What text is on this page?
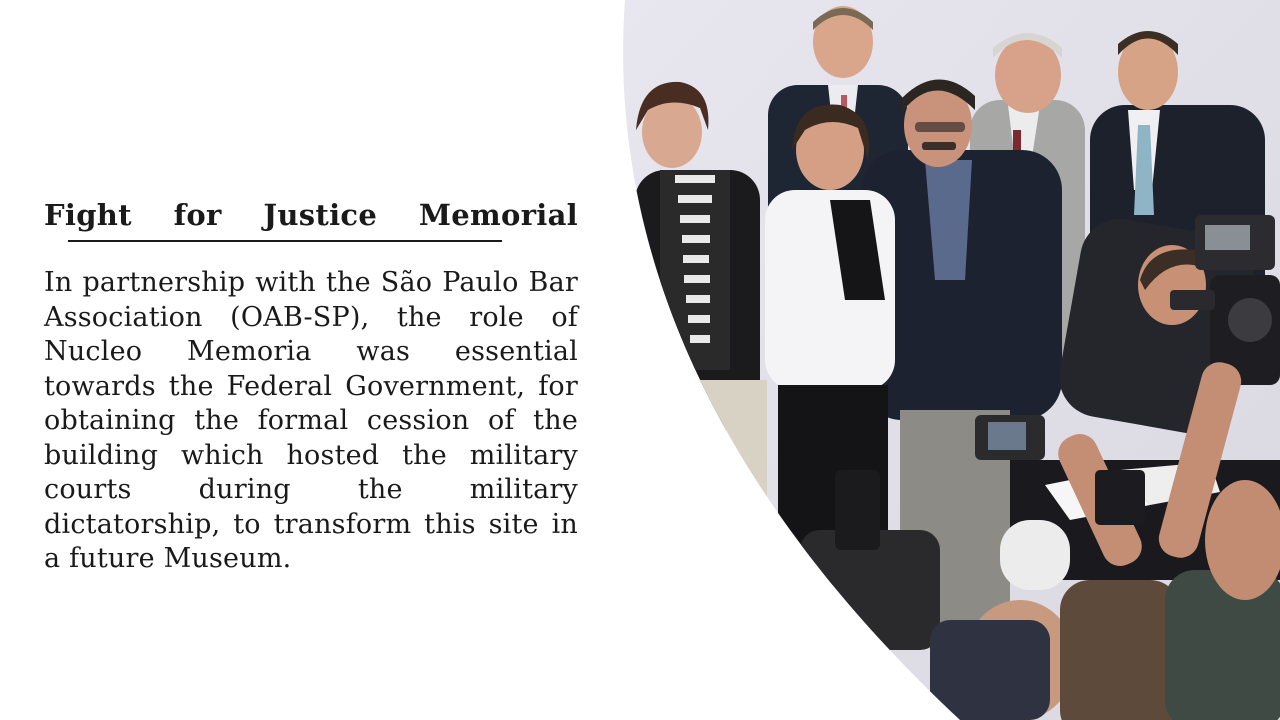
Fight for Justice Memorial

In partnership with the São Paulo Bar Association (OAB-SP), the role of Nucleo Memoria was essential towards the Federal Government, for obtaining the formal cession of the building which hosted the military courts during the military dictatorship, to transform this site in a future Museum.
